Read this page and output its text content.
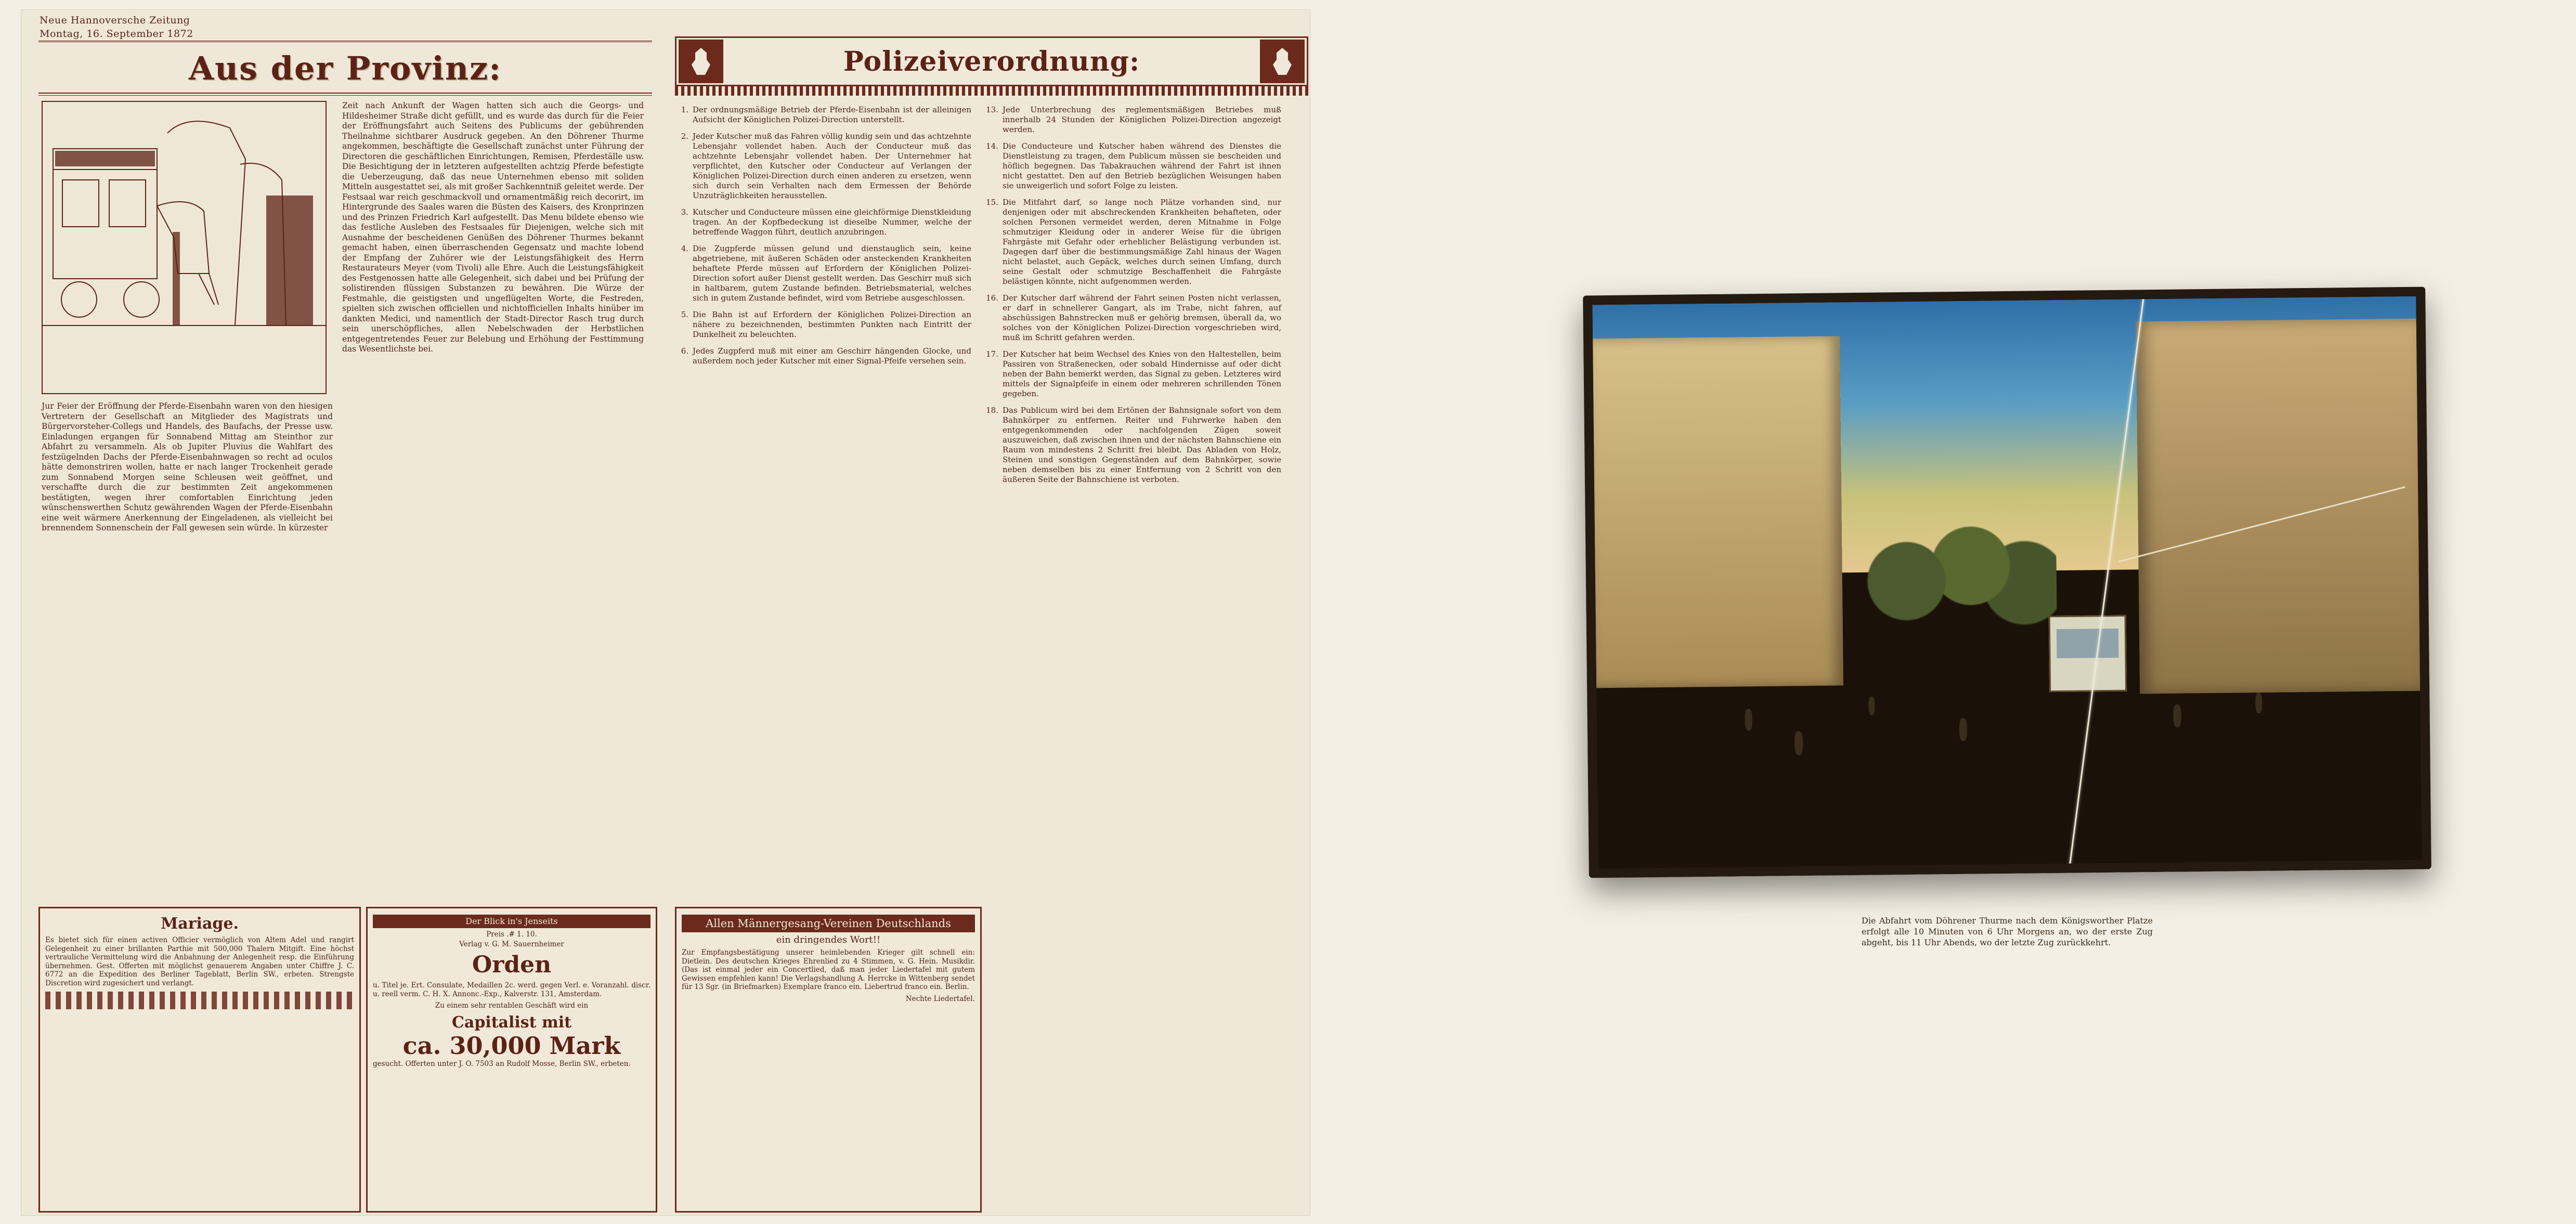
Neue Hannoversche Zeitung
Montag, 16. September 1872
Aus der Provinz:
Zeit nach Ankunft der Wagen hatten sich auch die Georgs- und Hildesheimer Straße dicht gefüllt, und es wurde das durch für die Feier der Eröffnungsfahrt auch Seitens des Publicums der gebührenden Theilnahme sichtbarer Ausdruck gegeben. An den Döhrener Thurme angekommen, beschäftigte die Gesellschaft zunächst unter Führung der Directoren die geschäftlichen Einrichtungen, Remisen, Pferdeställe usw. Die Besichtigung der in letzteren aufgestellten achtzig Pferde befestigte die Ueberzeugung, daß das neue Unternehmen ebenso mit soliden Mitteln ausgestattet sei, als mit großer Sachkenntniß geleitet werde. Der Festsaal war reich geschmackvoll und ornamentmäßig reich decorirt, im Hintergrunde des Saales waren die Büsten des Kaisers, des Kronprinzen und des Prinzen Friedrich Karl aufgestellt. Das Menu bildete ebenso wie das festliche Ausleben des Festsaales für Diejenigen, welche sich mit Ausnahme der bescheidenen Genüßen des Döhrener Thurmes bekannt gemacht haben, einen überraschenden Gegensatz und machte lobend der Empfang der Zuhörer wie der Leistungsfähigkeit des Herrn Restaurateurs Meyer (vom Tivoli) alle Ehre. Auch die Leistungsfähigkeit des Festgenossen hatte alle Gelegenheit, sich dabei und bei Prüfung der solistirenden flüssigen Substanzen zu bewähren. Die Würze der Festmahle, die geistigsten und ungeflügelten Worte, die Festreden, spielten sich zwischen officiellen und nichtofficiellen Inhalts hinüber im dankten Medici, und namentlich der Stadt-Director Rasch trug durch sein unerschöpfliches, allen Nebelschwaden der Herbstlichen entgegentretendes Feuer zur Belebung und Erhöhung der Festtimmung das Wesentlichste bei.
Jur Feier der Eröffnung der Pferde-Eisenbahn waren von den hiesigen Vertretern der Gesellschaft an Mitglieder des Magistrats und Bürgervorsteher-Collegs und Handels, des Baufachs, der Presse usw. Einladungen ergangen für Sonnabend Mittag am Steinthor zur Abfahrt zu versammeln. Als ob Jupiter Pluvius die Wahlfart des festzügelnden Dachs der Pferde-Eisenbahnwagen so recht ad oculos hätte demonstriren wollen, hatte er nach langer Trockenheit gerade zum Sonnabend Morgen seine Schleusen weit geöffnet, und verschaffte durch die zur bestimmten Zeit angekommenen bestätigten, wegen ihrer comfortablen Einrichtung jeden wünschenswerthen Schutz gewährenden Wagen der Pferde-Eisenbahn eine weit wärmere Anerkennung der Eingeladenen, als vielleicht bei brennendem Sonnenschein der Fall gewesen sein würde. In kürzester
Polizeiverordnung:
1. Der ordnungsmäßige Betrieb der Pferde-Eisenbahn ist der alleinigen Aufsicht der Königlichen Polizei-Direction unterstellt.
2. Jeder Kutscher muß das Fahren völlig kundig sein und das achtzehnte Lebensjahr vollendet haben. Auch der Conducteur muß das achtzehnte Lebensjahr vollendet haben. Der Unternehmer hat verpflichtet, den Kutscher oder Conducteur auf Verlangen der Königlichen Polizei-Direction durch einen anderen zu ersetzen, wenn sich durch sein Verhalten nach dem Ermessen der Behörde Unzuträglichkeiten herausstellen.
3. Kutscher und Conducteure müssen eine gleichförmige Dienstkleidung tragen. An der Kopfbedeckung ist dieselbe Nummer, welche der betreffende Waggon führt, deutlich anzubringen.
4. Die Zugpferde müssen gelund und dienstauglich sein, keine abgetriebene, mit äußeren Schäden oder ansteckenden Krankheiten behaftete Pferde müssen auf Erfordern der Königlichen Polizei-Direction sofort außer Dienst gestellt werden. Das Geschirr muß sich in haltbarem, gutem Zustande befinden. Betriebsmaterial, welches sich in gutem Zustande befindet, wird vom Betriebe ausgeschlossen.
5. Die Bahn ist auf Erfordern der Königlichen Polizei-Direction an nähere zu bezeichnenden, bestimmten Punkten nach Eintritt der Dunkelheit zu beleuchten.
6. Jedes Zugpferd muß mit einer am Geschirr hängenden Glocke, und außerdem noch jeder Kutscher mit einer Signal-Pfeife versehen sein.
13. Jede Unterbrechung des reglementsmäßigen Betriebes muß innerhalb 24 Stunden der Königlichen Polizei-Direction angezeigt werden.
14. Die Conducteure und Kutscher haben während des Dienstes die Dienstleistung zu tragen, dem Publicum müssen sie bescheiden und höflich begegnen. Das Tabakrauchen während der Fahrt ist ihnen nicht gestattet. Den auf den Betrieb bezüglichen Weisungen haben sie unweigerlich und sofort Folge zu leisten.
15. Die Mitfahrt darf, so lange noch Plätze vorhanden sind, nur denjenigen oder mit abschreckenden Krankheiten behafteten, oder solchen Personen vermeidet werden, deren Mitnahme in Folge schmutziger Kleidung oder in anderer Weise für die übrigen Fahrgäste mit Gefahr oder erheblicher Belästigung verbunden ist. Dagegen darf über die bestimmungsmäßige Zahl hinaus der Wagen nicht belastet, auch Gepäck, welches durch seinen Umfang, durch seine Gestalt oder schmutzige Beschaffenheit die Fahrgäste belästigen könnte, nicht aufgenommen werden.
16. Der Kutscher darf während der Fahrt seinen Posten nicht verlassen, er darf in schnellerer Gangart, als im Trabe, nicht fahren, auf abschüssigen Bahnstrecken muß er gehörig bremsen, überall da, wo solches von der Königlichen Polizei-Direction vorgeschrieben wird, muß im Schritt gefahren werden.
17. Der Kutscher hat beim Wechsel des Knies von den Haltestellen, beim Passiren von Straßenecken, oder sobald Hindernisse auf oder dicht neben der Bahn bemerkt werden, das Signal zu geben. Letzteres wird mittels der Signalpfeife in einem oder mehreren schrillenden Tönen gegeben.
18. Das Publicum wird bei dem Ertönen der Bahnsignale sofort von dem Bahnkörper zu entfernen. Reiter und Fuhrwerke haben den entgegenkommenden oder nachfolgenden Zügen soweit auszuweichen, daß zwischen ihnen und der nächsten Bahnschiene ein Raum von mindestens 2 Schritt frei bleibt. Das Abladen von Holz, Steinen und sonstigen Gegenständen auf dem Bahnkörper, sowie neben demselben bis zu einer Entfernung von 2 Schritt von den äußeren Seite der Bahnschiene ist verboten.
Mariage.

Es bietet sich für einen activen Officier vermöglich von Altem Adel und rangirt Gelegenheit zu einer brillanten Parthie mit 500,000 Thalern Mitgift. Eine höchst vertrauliche Vermittelung wird die Anbahnung der Anlegenheit resp. die Einführung übernehmen. Gest. Offerten mit möglichst genauerem Angaben unter Chiffre J. C. 6772 an die Expedition des Berliner Tageblatt, Berlin SW., erbeten. Strengste Discretion wird zugesichert und verlangt.

Der Blick in's Jenseits

Preis .# 1. 10.

Verlag v. G. M. Sauernheimer

Orden

u. Titel je. Ert. Consulate, Medaillen 2c. werd. gegen Verl. e. Voranzahl. discr. u. reell verm. C. H. X. Annonc.-Exp., Kalverstr. 131, Amsterdam.

Zu einem sehr rentablen Geschäft wird ein

Capitalist mit
ca. 30,000 Mark

gesucht. Offerten unter J. O. 7503 an Rudolf Mosse, Berlin SW., erbeten.

Allen Männergesang-Vereinen Deutschlands
ein dringendes Wort!!

Zur Empfangsbestätigung unserer heimlebenden Krieger gilt schnell ein: Dietlein. Des deutschen Krieges Ehrenlied zu 4 Stimmen, v. G. Hein. Musikdir. (Das ist einmal jeder ein Concertlied, daß man jeder Liedertafel mit gutem Gewissen empfehlen kann! Die Verlagshandlung A. Herrcke in Wittenberg sendet für 13 Sgr. (in Briefmarken) Exemplare franco ein. Liebertrud franco ein. Berlin.

Nechte Liedertafel.

Die Abfahrt vom Döhrener Thurme nach dem Königsworther Platze erfolgt alle 10 Minuten von 6 Uhr Morgens an, wo der erste Zug abgeht, bis 11 Uhr Abends, wo der letzte Zug zurückkehrt.
